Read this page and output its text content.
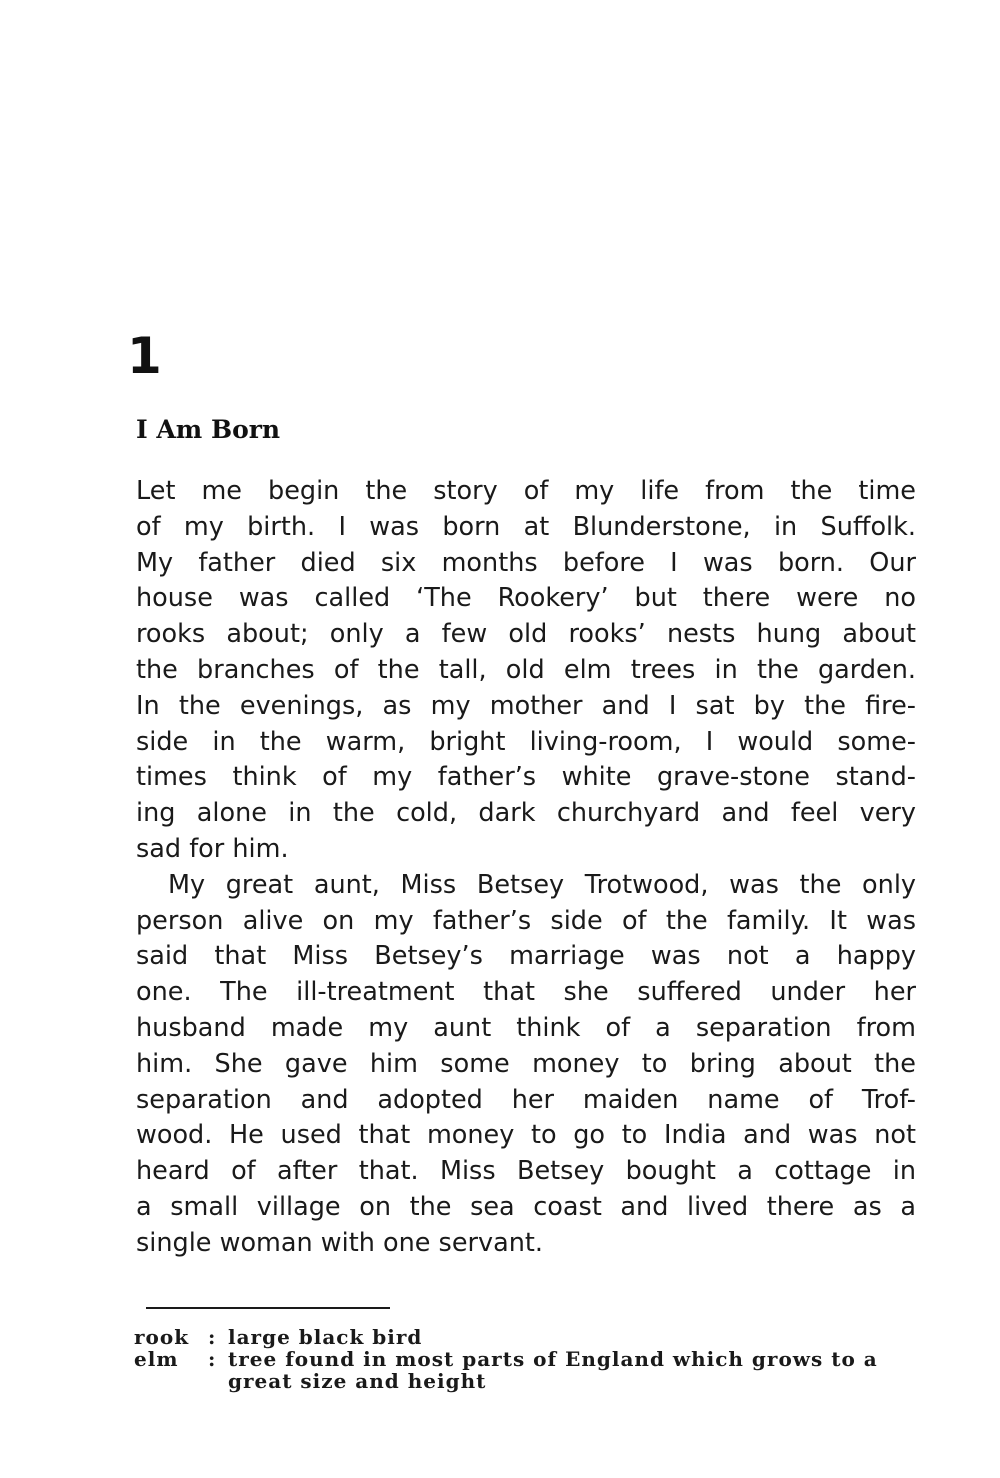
1
I Am Born

Let me begin the story of my life from the time
of my birth. I was born at Blunderstone, in Suffolk.
My father died six months before I was born. Our
house was called ‘The Rookery’ but there were no
rooks about; only a few old rooks’ nests hung about
the branches of the tall, old elm trees in the garden.
In the evenings, as my mother and I sat by the fire-
side in the warm, bright living-room, I would some-
times think of my father’s white grave-stone stand-
ing alone in the cold, dark churchyard and feel very
sad for him.

My great aunt, Miss Betsey Trotwood, was the only
person alive on my father’s side of the family. It was
said that Miss Betsey’s marriage was not a happy
one. The ill-treatment that she suffered under her
husband made my aunt think of a separation from
him. She gave him some money to bring about the
separation and adopted her maiden name of Trof-
wood. He used that money to go to India and was not
heard of after that. Miss Betsey bought a cottage in
a small village on the sea coast and lived there as a
single woman with one servant.

rook : large black bird
elm	: tree found in most parts of England which grows to a great size and height
